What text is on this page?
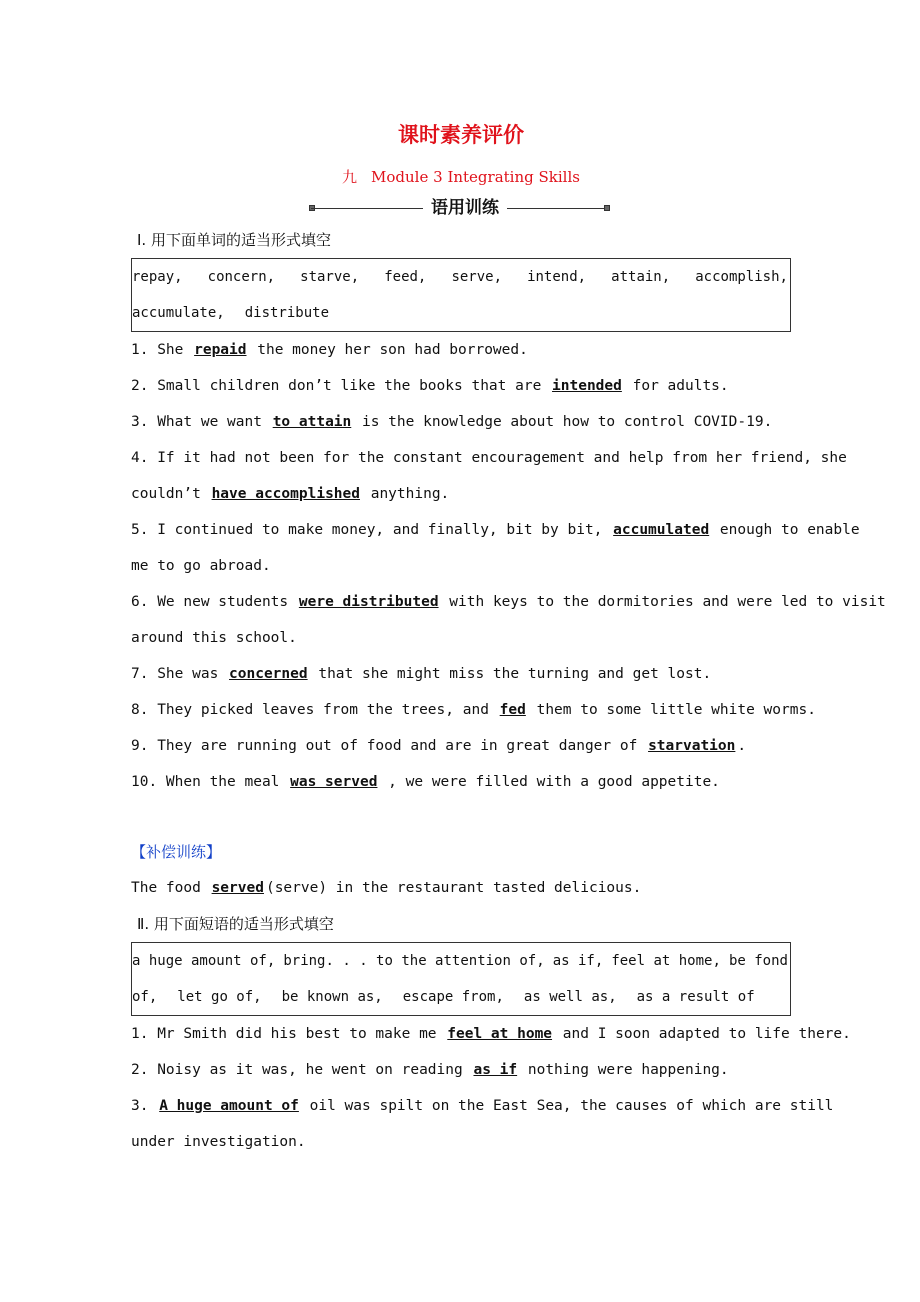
课时素养评价
九 Module 3 Integrating Skills
语用训练
Ⅰ. 用下面单词的适当形式填空
repay, concern, starve, feed, serve, intend, attain, accomplish,
accumulate, distribute
1. She repaid the money her son had borrowed.
2. Small children don’t like the books that are intended for adults.
3. What we want to attain is the knowledge about how to control COVID-19.
4. If it had not been for the constant encouragement and help from her friend, she
couldn’t have accomplished anything.
5. I continued to make money, and finally, bit by bit, accumulated enough to enable
me to go abroad.
6. We new students were distributed with keys to the dormitories and were led to visit
around this school.
7. She was concerned that she might miss the turning and get lost.
8. They picked leaves from the trees, and fed them to some little white worms.
9. They are running out of food and are in great danger of starvation .
10. When the meal was served , we were filled with a good appetite.
【补偿训练】
The food served (serve) in the restaurant tasted delicious.
Ⅱ. 用下面短语的适当形式填空
a huge amount of, bring. . . to the attention of, as if, feel at home, be fond
of, let go of, be known as, escape from, as well as, as a result of
1. Mr Smith did his best to make me feel at home and I soon adapted to life there.
2. Noisy as it was, he went on reading as if nothing were happening.
3. A huge amount of oil was spilt on the East Sea, the causes of which are still
under investigation.
